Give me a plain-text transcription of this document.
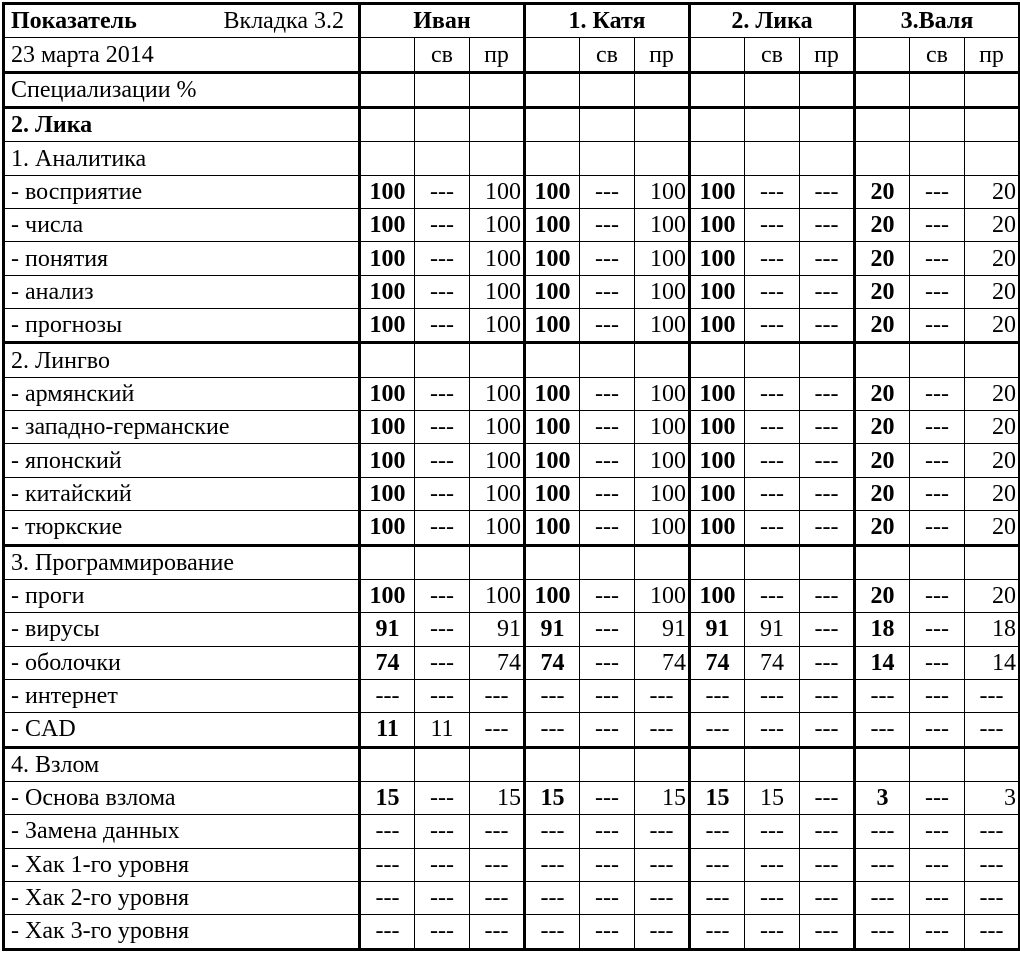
Показатель Вкладка 3.2	Иван			1. Катя			2. Лика			3.Валя		
23 марта 2014		св	пр		св	пр		св	пр		св	пр
Специализации %												
2. Лика												
1. Аналитика												
- восприятие	100	---	100	100	---	100	100	---	---	20	---	20
- числа	100	---	100	100	---	100	100	---	---	20	---	20
- понятия	100	---	100	100	---	100	100	---	---	20	---	20
- анализ	100	---	100	100	---	100	100	---	---	20	---	20
- прогнозы	100	---	100	100	---	100	100	---	---	20	---	20
2. Лингво												
- армянский	100	---	100	100	---	100	100	---	---	20	---	20
- западно-германские	100	---	100	100	---	100	100	---	---	20	---	20
- японский	100	---	100	100	---	100	100	---	---	20	---	20
- китайский	100	---	100	100	---	100	100	---	---	20	---	20
- тюркские	100	---	100	100	---	100	100	---	---	20	---	20
3. Программирование												
- проги	100	---	100	100	---	100	100	---	---	20	---	20
- вирусы	91	---	91	91	---	91	91	91	---	18	---	18
- оболочки	74	---	74	74	---	74	74	74	---	14	---	14
- интернет	---	---	---	---	---	---	---	---	---	---	---	---
- CAD	11	11	---	---	---	---	---	---	---	---	---	---
4. Взлом												
- Основа взлома	15	---	15	15	---	15	15	15	---	3	---	3
- Замена данных	---	---	---	---	---	---	---	---	---	---	---	---
- Хак 1-го уровня	---	---	---	---	---	---	---	---	---	---	---	---
- Хак 2-го уровня	---	---	---	---	---	---	---	---	---	---	---	---
- Хак 3-го уровня	---	---	---	---	---	---	---	---	---	---	---	---
